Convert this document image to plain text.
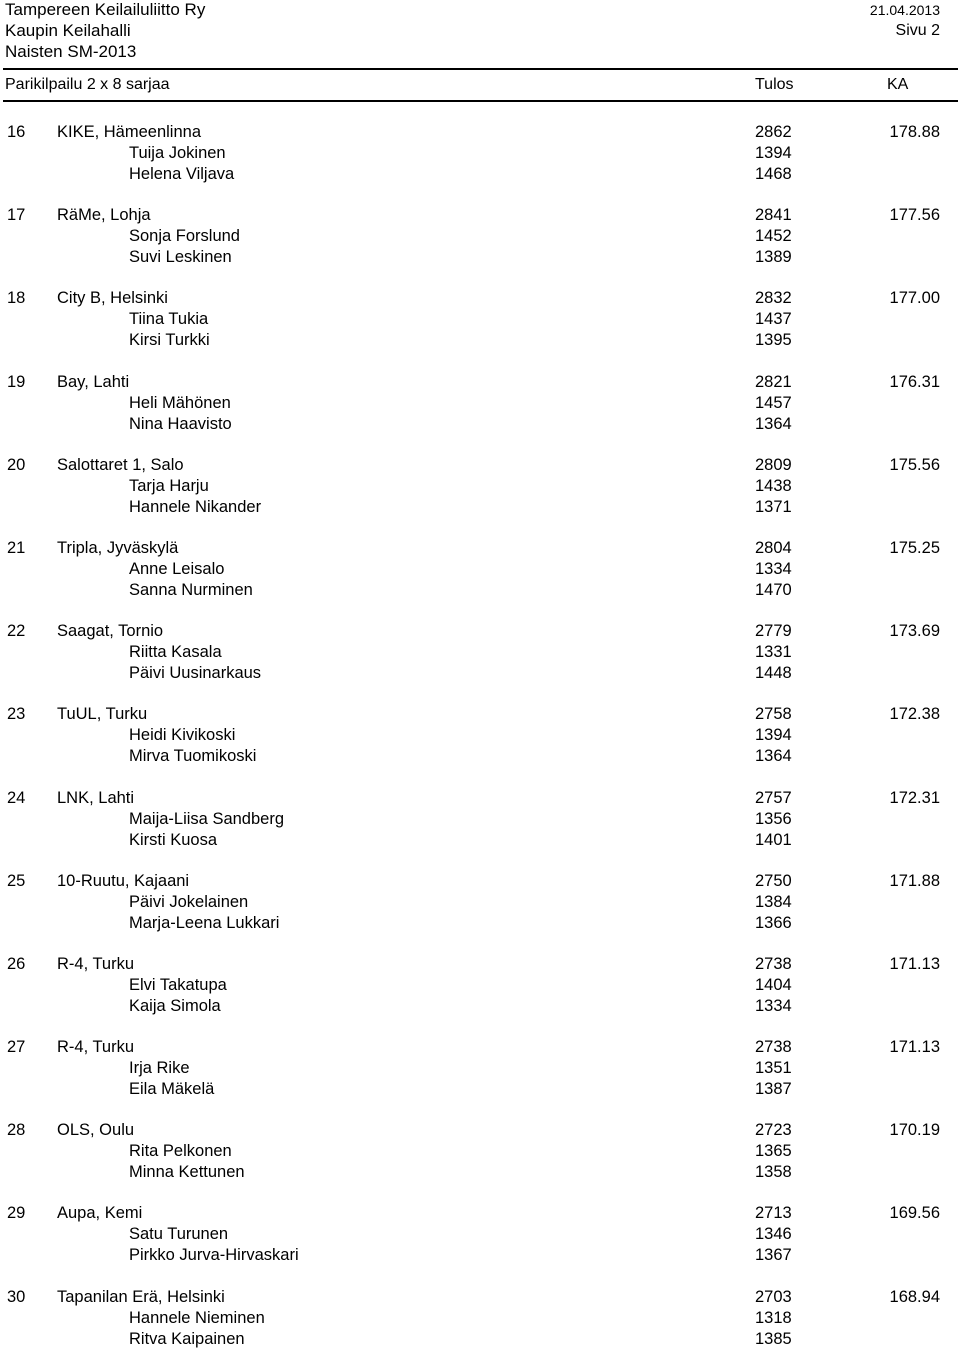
Tampereen Keilailuliitto Ry
Kaupin Keilahalli
Naisten SM-2013
21.04.2013
Sivu 2
Parikilpailu 2 x 8 sarjaa	Tulos	KA
16 KIKE, Hämeenlinna	2862	178.88
Tuija Jokinen	1394
Helena Viljava	1468
17 RäMe, Lohja	2841	177.56
Sonja Forslund	1452
Suvi Leskinen	1389
18 City B, Helsinki	2832	177.00
Tiina Tukia	1437
Kirsi Turkki	1395
19 Bay, Lahti	2821	176.31
Heli Mähönen	1457
Nina Haavisto	1364
20 Salottaret 1, Salo	2809	175.56
Tarja Harju	1438
Hannele Nikander	1371
21 Tripla, Jyväskylä	2804	175.25
Anne Leisalo	1334
Sanna Nurminen	1470
22 Saagat, Tornio	2779	173.69
Riitta Kasala	1331
Päivi Uusinarkaus	1448
23 TuUL, Turku	2758	172.38
Heidi Kivikoski	1394
Mirva Tuomikoski	1364
24 LNK, Lahti	2757	172.31
Maija-Liisa Sandberg	1356
Kirsti Kuosa	1401
25 10-Ruutu, Kajaani	2750	171.88
Päivi Jokelainen	1384
Marja-Leena Lukkari	1366
26 R-4, Turku	2738	171.13
Elvi Takatupa	1404
Kaija Simola	1334
27 R-4, Turku	2738	171.13
Irja Rike	1351
Eila Mäkelä	1387
28 OLS, Oulu	2723	170.19
Rita Pelkonen	1365
Minna Kettunen	1358
29 Aupa, Kemi	2713	169.56
Satu Turunen	1346
Pirkko Jurva-Hirvaskari	1367
30 Tapanilan Erä, Helsinki	2703	168.94
Hannele Nieminen	1318
Ritva Kaipainen	1385
